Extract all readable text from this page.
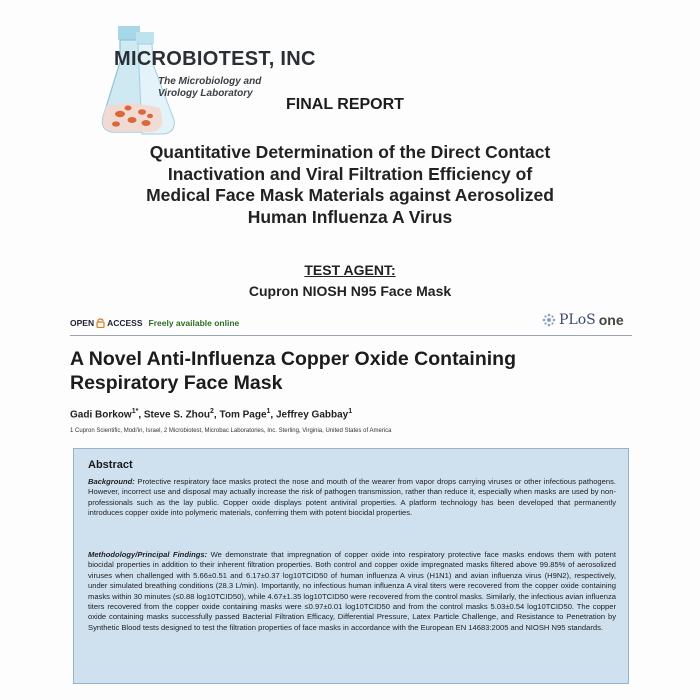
MICROBIOTEST, INC
The Microbiology and
Virology Laboratory
FINAL REPORT
Quantitative Determination of the Direct Contact
Inactivation and Viral Filtration Efficiency of
Medical Face Mask Materials against Aerosolized
Human Influenza A Virus
TEST AGENT:
Cupron NIOSH N95 Face Mask
OPEN ACCESS Freely available online	PLoS one
A Novel Anti-Influenza Copper Oxide Containing
Respiratory Face Mask
Gadi Borkow$^{1*}$, Steve S. Zhou$^2$, Tom Page$^1$, Jeffrey Gabbay$^1$
1 Cupron Scientific, Modi'in, Israel, 2 Microbiotest, Microbac Laboratories, Inc. Sterling, Virginia, United States of America
Abstract
Background: Protective respiratory face masks protect the nose and mouth of the wearer from vapor drops carrying viruses or other infectious pathogens. However, incorrect use and disposal may actually increase the risk of pathogen transmission, rather than reduce it, especially when masks are used by non-professionals such as the lay public. Copper oxide displays potent antiviral properties. A platform technology has been developed that permanently introduces copper oxide into polymeric materials, conferring them with potent biocidal properties.
Methodology/Principal Findings: We demonstrate that impregnation of copper oxide into respiratory protective face masks endows them with potent biocidal properties in addition to their inherent filtration properties. Both control and copper oxide impregnated masks filtered above 99.85% of aerosolized viruses when challenged with 5.66±0.51 and 6.17±0.37 log10TCID50 of human influenza A virus (H1N1) and avian influenza virus (H9N2), respectively, under simulated breathing conditions (28.3 L/min). Importantly, no infectious human influenza A viral titers were recovered from the copper oxide containing masks within 30 minutes (≤0.88 log10TCID50), while 4.67±1.35 log10TCID50 were recovered from the control masks. Similarly, the infectious avian influenza titers recovered from the copper oxide containing masks were ≤0.97±0.01 log10TCID50 and from the control masks 5.03±0.54 log10TCID50. The copper oxide containing masks successfully passed Bacterial Filtration Efficacy, Differential Pressure, Latex Particle Challenge, and Resistance to Penetration by Synthetic Blood tests designed to test the filtration properties of face masks in accordance with the European EN 14683:2005 and NIOSH N95 standards.
